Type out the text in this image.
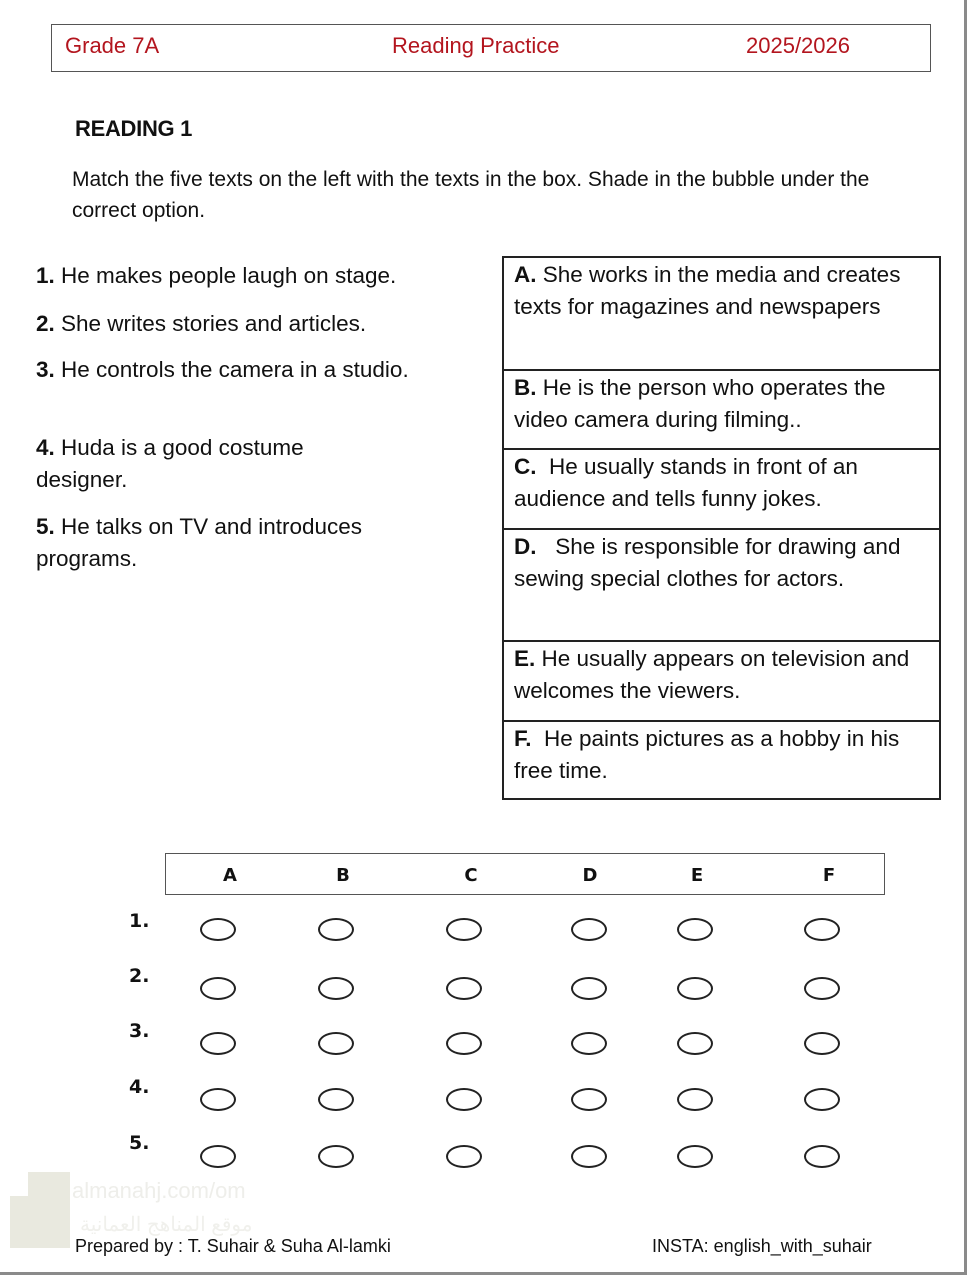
Grade 7A	Reading Practice	2025/2026
READING 1
Match the five texts on the left with the texts in the box. Shade in the bubble under the correct option.
1. He makes people laugh on stage.
2. She writes stories and articles.
3. He controls the camera in a studio.
4. Huda is a good costume designer.
5. He talks on TV and introduces programs.
A. She works in the media and creates texts for magazines and newspapers
B. He is the person who operates the video camera during filming..
C.  He usually stands in front of an audience and tells funny jokes.
D.   She is responsible for drawing and sewing special clothes for actors.
E. He usually appears on television and welcomes the viewers.
F.  He paints pictures as a hobby in his free time.
A	B	C	D	E	F
1.
2.
3.
4.
5.
almanahj.com/om
موقع المناهج العمانية
Prepared by : T. Suhair & Suha Al-lamki	INSTA: english_with_suhair
